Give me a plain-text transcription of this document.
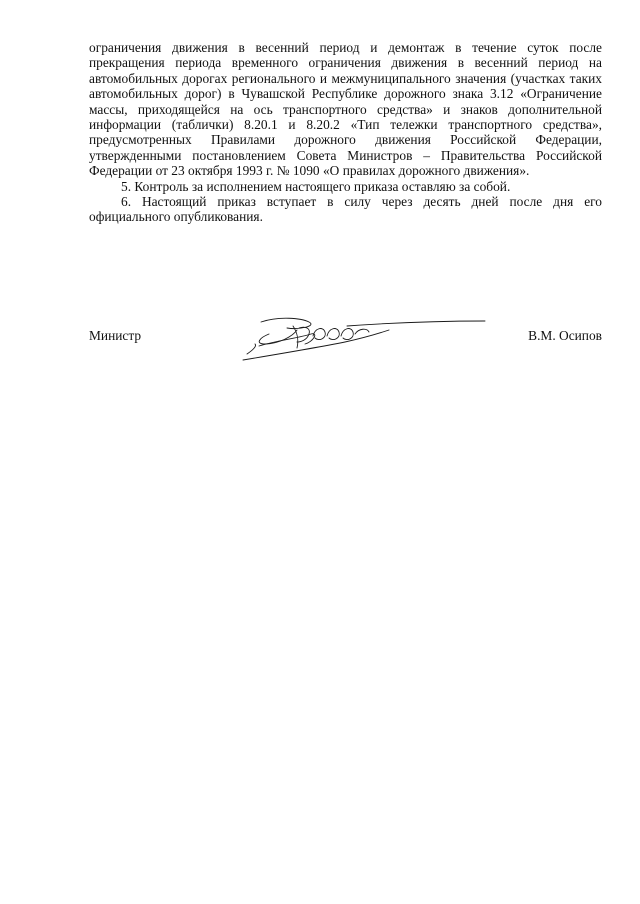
ограничения движения в весенний период и демонтаж в течение суток после прекращения периода временного ограничения движения в весенний период на автомобильных дорогах регионального и межмуниципального значения (участках таких автомобильных дорог) в Чувашской Республике дорожного знака 3.12 «Ограничение массы, приходящейся на ось транспортного средства» и знаков дополнительной информации (таблички) 8.20.1 и 8.20.2 «Тип тележки транспортного средства», предусмотренных Правилами дорожного движения Российской Федерации, утвержденными постановлением Совета Министров – Правительства Российской Федерации от 23 октября 1993 г. № 1090 «О правилах дорожного движения».

5. Контроль за исполнением настоящего приказа оставляю за собой.

6. Настоящий приказ вступает в силу через десять дней после дня его официального опубликования.

Министр	В.М. Осипов
